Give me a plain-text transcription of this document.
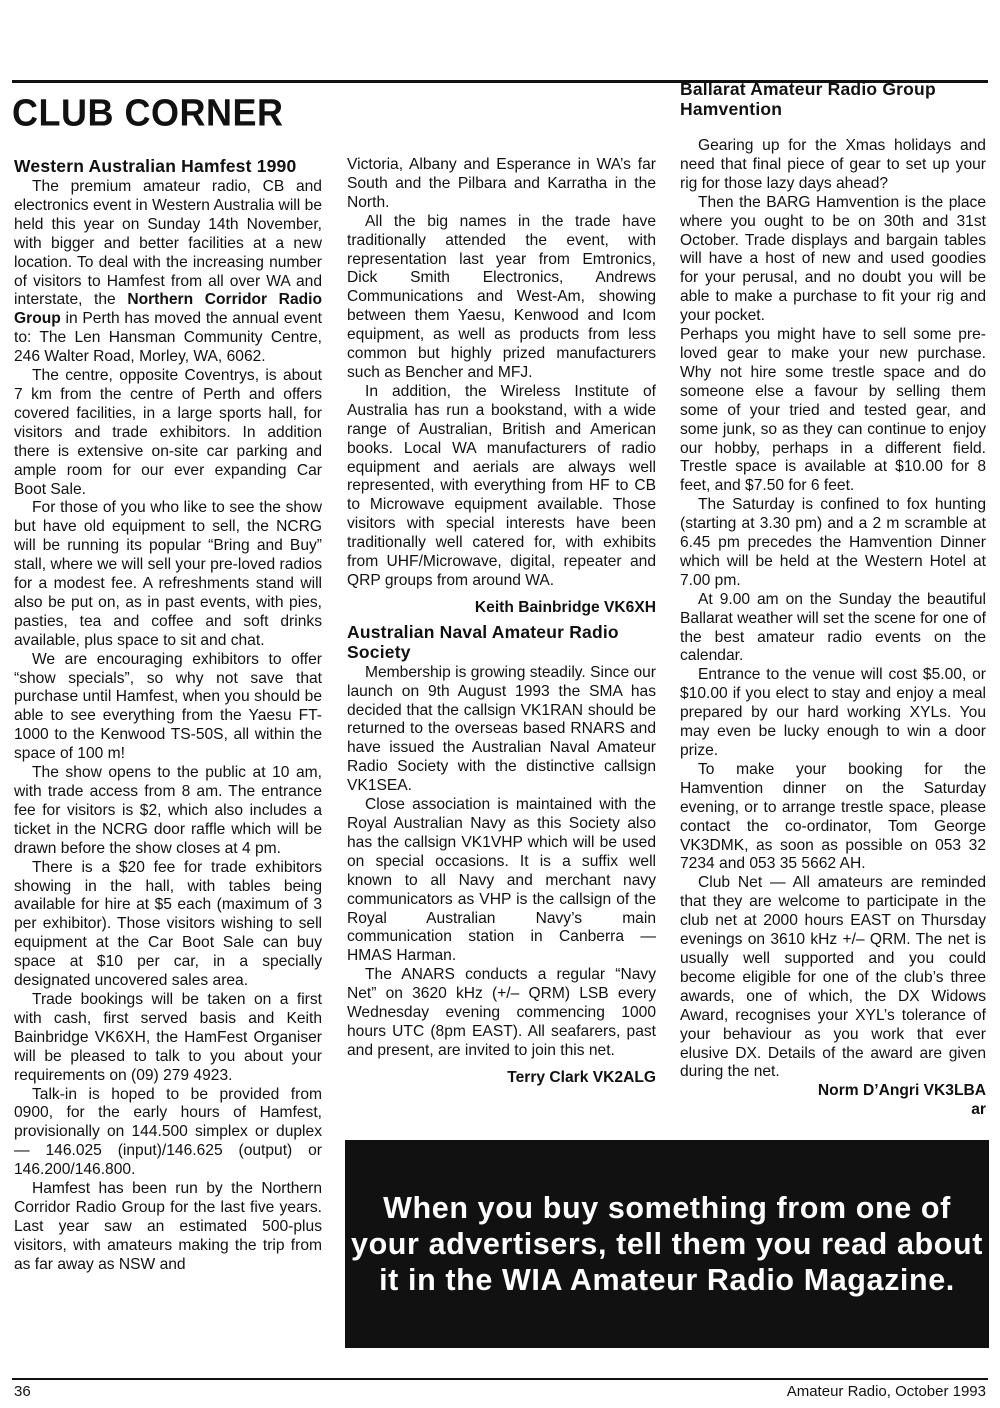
CLUB CORNER
Western Australian Hamfest 1990

The premium amateur radio, CB and electronics event in Western Australia will be held this year on Sunday 14th November, with bigger and better facilities at a new location. To deal with the increasing number of visitors to Hamfest from all over WA and interstate, the Northern Corridor Radio Group in Perth has moved the annual event to: The Len Hansman Community Centre, 246 Walter Road, Morley, WA, 6062.

The centre, opposite Coventrys, is about 7 km from the centre of Perth and offers covered facilities, in a large sports hall, for visitors and trade exhibitors. In addition there is extensive on-site car parking and ample room for our ever expanding Car Boot Sale.

For those of you who like to see the show but have old equipment to sell, the NCRG will be running its popular “Bring and Buy” stall, where we will sell your pre-loved radios for a modest fee. A refreshments stand will also be put on, as in past events, with pies, pasties, tea and coffee and soft drinks available, plus space to sit and chat.

We are encouraging exhibitors to offer “show specials”, so why not save that purchase until Hamfest, when you should be able to see everything from the Yaesu FT-1000 to the Kenwood TS-50S, all within the space of 100 m!

The show opens to the public at 10 am, with trade access from 8 am. The entrance fee for visitors is $2, which also includes a ticket in the NCRG door raffle which will be drawn before the show closes at 4 pm.

There is a $20 fee for trade exhibitors showing in the hall, with tables being available for hire at $5 each (maximum of 3 per exhibitor). Those visitors wishing to sell equipment at the Car Boot Sale can buy space at $10 per car, in a specially designated uncovered sales area.

Trade bookings will be taken on a first with cash, first served basis and Keith Bainbridge VK6XH, the HamFest Organiser will be pleased to talk to you about your requirements on (09) 279 4923.

Talk-in is hoped to be provided from 0900, for the early hours of Hamfest, provisionally on 144.500 simplex or duplex — 146.025 (input)/146.625 (output) or 146.200/146.800.

Hamfest has been run by the Northern Corridor Radio Group for the last five years. Last year saw an estimated 500-plus visitors, with amateurs making the trip from as far away as NSW and

Victoria, Albany and Esperance in WA’s far South and the Pilbara and Karratha in the North.

All the big names in the trade have traditionally attended the event, with representation last year from Emtronics, Dick Smith Electronics, Andrews Communications and West-Am, showing between them Yaesu, Kenwood and Icom equipment, as well as products from less common but highly prized manufacturers such as Bencher and MFJ.

In addition, the Wireless Institute of Australia has run a bookstand, with a wide range of Australian, British and American books. Local WA manufacturers of radio equipment and aerials are always well represented, with everything from HF to CB to Microwave equipment available. Those visitors with special interests have been traditionally well catered for, with exhibits from UHF/Microwave, digital, repeater and QRP groups from around WA.

Keith Bainbridge VK6XH
Australian Naval Amateur Radio Society

Membership is growing steadily. Since our launch on 9th August 1993 the SMA has decided that the callsign VK1RAN should be returned to the overseas based RNARS and have issued the Australian Naval Amateur Radio Society with the distinctive callsign VK1SEA.

Close association is maintained with the Royal Australian Navy as this Society also has the callsign VK1VHP which will be used on special occasions. It is a suffix well known to all Navy and merchant navy communicators as VHP is the callsign of the Royal Australian Navy’s main communication station in Canberra — HMAS Harman.

The ANARS conducts a regular “Navy Net” on 3620 kHz (+/– QRM) LSB every Wednesday evening commencing 1000 hours UTC (8pm EAST). All seafarers, past and present, are invited to join this net.

Terry Clark VK2ALG
Ballarat Amateur Radio Group Hamvention

Gearing up for the Xmas holidays and need that final piece of gear to set up your rig for those lazy days ahead?

Then the BARG Hamvention is the place where you ought to be on 30th and 31st October. Trade displays and bargain tables will have a host of new and used goodies for your perusal, and no doubt you will be able to make a purchase to fit your rig and your pocket.

Perhaps you might have to sell some pre-loved gear to make your new purchase. Why not hire some trestle space and do someone else a favour by selling them some of your tried and tested gear, and some junk, so as they can continue to enjoy our hobby, perhaps in a different field. Trestle space is available at $10.00 for 8 feet, and $7.50 for 6 feet.

The Saturday is confined to fox hunting (starting at 3.30 pm) and a 2 m scramble at 6.45 pm precedes the Hamvention Dinner which will be held at the Western Hotel at 7.00 pm.

At 9.00 am on the Sunday the beautiful Ballarat weather will set the scene for one of the best amateur radio events on the calendar.

Entrance to the venue will cost $5.00, or $10.00 if you elect to stay and enjoy a meal prepared by our hard working XYLs. You may even be lucky enough to win a door prize.

To make your booking for the Hamvention dinner on the Saturday evening, or to arrange trestle space, please contact the co-ordinator, Tom George VK3DMK, as soon as possible on 053 32 7234 and 053 35 5662 AH.

Club Net — All amateurs are reminded that they are welcome to participate in the club net at 2000 hours EAST on Thursday evenings on 3610 kHz +/– QRM. The net is usually well supported and you could become eligible for one of the club’s three awards, one of which, the DX Widows Award, recognises your XYL’s tolerance of your behaviour as you work that ever elusive DX. Details of the award are given during the net.

Norm D’Angri VK3LBA
ar
When you buy something from one of your advertisers, tell them you read about it in the WIA Amateur Radio Magazine.
36	Amateur Radio, October 1993
